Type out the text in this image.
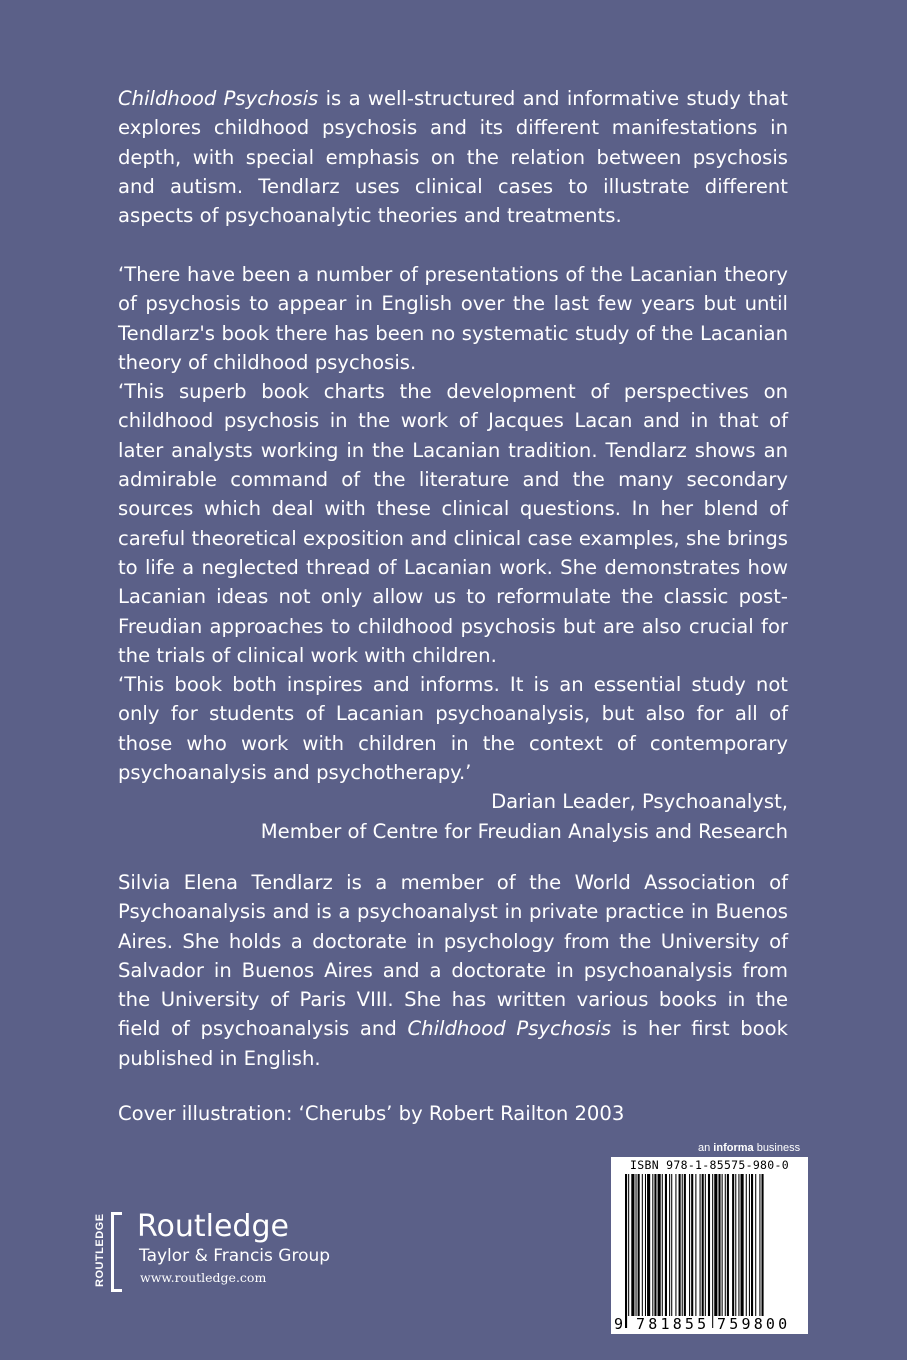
Childhood Psychosis is a well-structured and informative study that explores childhood psychosis and its different manifestations in depth, with special emphasis on the relation between psychosis and autism. Tendlarz uses clinical cases to illustrate different aspects of psychoanalytic theories and treatments.

‘There have been a number of presentations of the Lacanian theory of psychosis to appear in English over the last few years but until Tendlarz's book there has been no systematic study of the Lacanian theory of childhood psychosis.

‘This superb book charts the development of perspectives on childhood psychosis in the work of Jacques Lacan and in that of later analysts working in the Lacanian tradition. Tendlarz shows an admirable command of the literature and the many secondary sources which deal with these clinical questions. In her blend of careful theoretical exposition and clinical case examples, she brings to life a neglected thread of Lacanian work. She demonstrates how Lacanian ideas not only allow us to reformulate the classic post-Freudian approaches to childhood psychosis but are also crucial for the trials of clinical work with children.

‘This book both inspires and informs. It is an essential study not only for students of Lacanian psychoanalysis, but also for all of those who work with children in the context of contemporary psychoanalysis and psychotherapy.’

Darian Leader, Psychoanalyst,

Member of Centre for Freudian Analysis and Research

Silvia Elena Tendlarz is a member of the World Association of Psychoanalysis and is a psychoanalyst in private practice in Buenos Aires. She holds a doctorate in psychology from the University of Salvador in Buenos Aires and a doctorate in psychoanalysis from the University of Paris VIII. She has written various books in the field of psychoanalysis and Childhood Psychosis is her first book published in English.

Cover illustration: ‘Cherubs’ by Robert Railton 2003

ROUTLEDGE	Routledge
Taylor & Francis Group
www.routledge.com
an informa business
ISBN 978-1-85575-980-0
9 781855 759800
